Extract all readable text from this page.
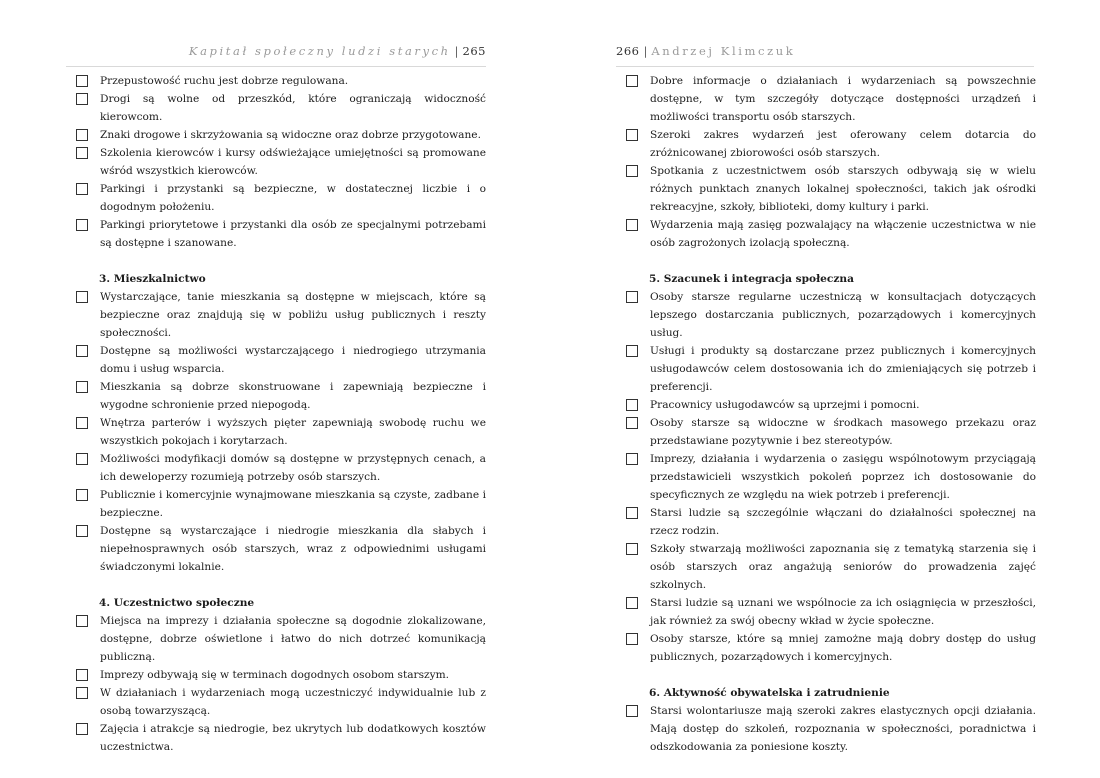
Kapitał społeczny ludzi starych | 265
Przepustowość ruchu jest dobrze regulowana.
Drogi są wolne od przeszkód, które ograniczają widoczność kierowcom.
Znaki drogowe i skrzyżowania są widoczne oraz dobrze przygotowane.
Szkolenia kierowców i kursy odświeżające umiejętności są promowane wśród wszystkich kierowców.
Parkingi i przystanki są bezpieczne, w dostatecznej liczbie i o dogodnym położeniu.
Parkingi priorytetowe i przystanki dla osób ze specjalnymi potrzebami są dostępne i szanowane.
3. Mieszkalnictwo
Wystarczające, tanie mieszkania są dostępne w miejscach, które są bezpieczne oraz znajdują się w pobliżu usług publicznych i reszty społeczności.
Dostępne są możliwości wystarczającego i niedrogiego utrzymania domu i usług wsparcia.
Mieszkania są dobrze skonstruowane i zapewniają bezpieczne i wygodne schronienie przed niepogodą.
Wnętrza parterów i wyższych pięter zapewniają swobodę ruchu we wszystkich pokojach i korytarzach.
Możliwości modyfikacji domów są dostępne w przystępnych cenach, a ich deweloperzy rozumieją potrzeby osób starszych.
Publicznie i komercyjnie wynajmowane mieszkania są czyste, zadbane i bezpieczne.
Dostępne są wystarczające i niedrogie mieszkania dla słabych i niepełnosprawnych osób starszych, wraz z odpowiednimi usługami świadczonymi lokalnie.
4. Uczestnictwo społeczne
Miejsca na imprezy i działania społeczne są dogodnie zlokalizowane, dostępne, dobrze oświetlone i łatwo do nich dotrzeć komunikacją publiczną.
Imprezy odbywają się w terminach dogodnych osobom starszym.
W działaniach i wydarzeniach mogą uczestniczyć indywidualnie lub z osobą towarzyszącą.
Zajęcia i atrakcje są niedrogie, bez ukrytych lub dodatkowych kosztów uczestnictwa.
266 | Andrzej Klimczuk
Dobre informacje o działaniach i wydarzeniach są powszechnie dostępne, w tym szczegóły dotyczące dostępności urządzeń i możliwości transportu osób starszych.
Szeroki zakres wydarzeń jest oferowany celem dotarcia do zróżnicowanej zbiorowości osób starszych.
Spotkania z uczestnictwem osób starszych odbywają się w wielu różnych punktach znanych lokalnej społeczności, takich jak ośrodki rekreacyjne, szkoły, biblioteki, domy kultury i parki.
Wydarzenia mają zasięg pozwalający na włączenie uczestnictwa w nie osób zagrożonych izolacją społeczną.
5. Szacunek i integracja społeczna
Osoby starsze regularne uczestniczą w konsultacjach dotyczących lepszego dostarczania publicznych, pozarządowych i komercyjnych usług.
Usługi i produkty są dostarczane przez publicznych i komercyjnych usługodawców celem dostosowania ich do zmieniających się potrzeb i preferencji.
Pracownicy usługodawców są uprzejmi i pomocni.
Osoby starsze są widoczne w środkach masowego przekazu oraz przedstawiane pozytywnie i bez stereotypów.
Imprezy, działania i wydarzenia o zasięgu wspólnotowym przyciągają przedstawicieli wszystkich pokoleń poprzez ich dostosowanie do specyficznych ze względu na wiek potrzeb i preferencji.
Starsi ludzie są szczególnie włączani do działalności społecznej na rzecz rodzin.
Szkoły stwarzają możliwości zapoznania się z tematyką starzenia się i osób starszych oraz angażują seniorów do prowadzenia zajęć szkolnych.
Starsi ludzie są uznani we wspólnocie za ich osiągnięcia w przeszłości, jak również za swój obecny wkład w życie społeczne.
Osoby starsze, które są mniej zamożne mają dobry dostęp do usług publicznych, pozarządowych i komercyjnych.
6. Aktywność obywatelska i zatrudnienie
Starsi wolontariusze mają szeroki zakres elastycznych opcji działania. Mają dostęp do szkoleń, rozpoznania w społeczności, poradnictwa i odszkodowania za poniesione koszty.
